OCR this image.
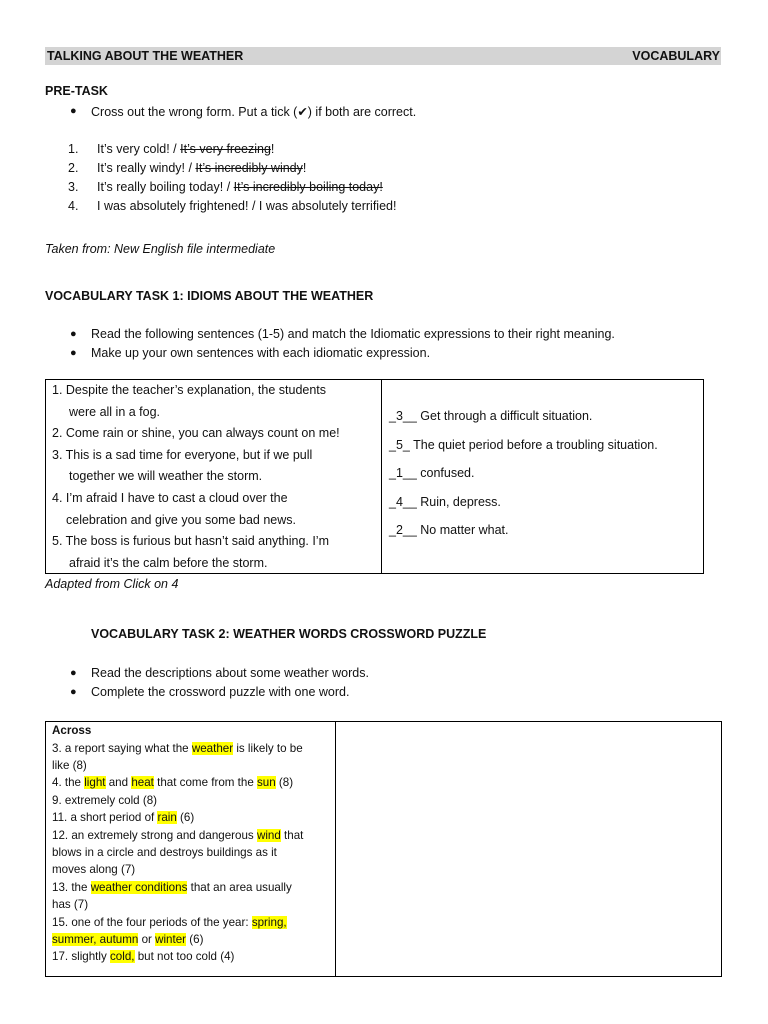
TALKING ABOUT THE WEATHER	VOCABULARY
PRE-TASK
● Cross out the wrong form. Put a tick (✔) if both are correct.
1. It’s very cold! / It’s very freezing!
2. It’s really windy! / It’s incredibly windy!
3. It’s really boiling today! / It’s incredibly boiling today!
4. I was absolutely frightened! / I was absolutely terrified!
Taken from: New English file intermediate
VOCABULARY TASK 1: IDIOMS ABOUT THE WEATHER
● Read the following sentences (1-5) and match the Idiomatic expressions to their right meaning.
● Make up your own sentences with each idiomatic expression.
1. Despite the teacher’s explanation, the students
were all in a fog.
2. Come rain or shine, you can always count on me!
3. This is a sad time for everyone, but if we pull
together we will weather the storm.
4. I’m afraid I have to cast a cloud over the
celebration and give you some bad news.
5. The boss is furious but hasn’t said anything. I’m
afraid it’s the calm before the storm.
_3__ Get through a difficult situation.
_5_ The quiet period before a troubling situation.
_1__ confused.
_4__ Ruin, depress.
_2__ No matter what.
Adapted from Click on 4
VOCABULARY TASK 2: WEATHER WORDS CROSSWORD PUZZLE
● Read the descriptions about some weather words.
● Complete the crossword puzzle with one word.
Across
3. a report saying what the weather is likely to be
like (8)
4. the light and heat that come from the sun (8)
9. extremely cold (8)
11. a short period of rain (6)
12. an extremely strong and dangerous wind that
blows in a circle and destroys buildings as it
moves along (7)
13. the weather conditions that an area usually
has (7)
15. one of the four periods of the year: spring,
summer, autumn or winter (6)
17. slightly cold, but not too cold (4)
